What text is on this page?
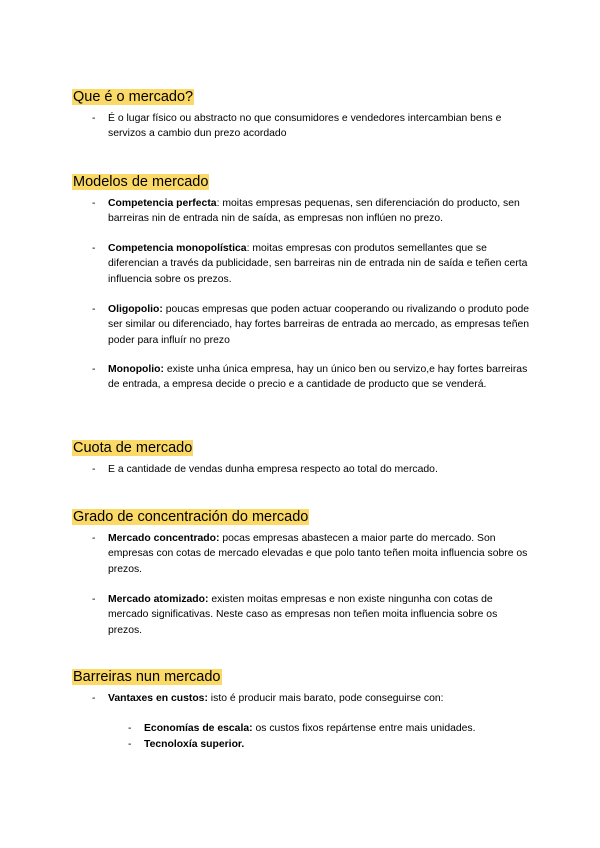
Que é o mercado?
- É o lugar físico ou abstracto no que consumidores e vendedores intercambian bens e servizos a cambio dun prezo acordado
Modelos de mercado
- Competencia perfecta: moitas empresas pequenas, sen diferenciación do producto, sen barreiras nin de entrada nin de saída, as empresas non inflúen no prezo.
- Competencia monopolística: moitas empresas con produtos semellantes que se diferencian a través da publicidade, sen barreiras nin de entrada nin de saída e teñen certa influencia sobre os prezos.
- Oligopolio: poucas empresas que poden actuar cooperando ou rivalizando o produto pode ser similar ou diferenciado, hay fortes barreiras de entrada ao mercado, as empresas teñen poder para influír no prezo
- Monopolio: existe unha única empresa, hay un único ben ou servizo,e hay fortes barreiras de entrada, a empresa decide o precio e a cantidade de producto que se venderá.
Cuota de mercado
- E a cantidade de vendas dunha empresa respecto ao total do mercado.
Grado de concentración do mercado
- Mercado concentrado: pocas empresas abastecen a maior parte do mercado. Son empresas con cotas de mercado elevadas e que polo tanto teñen moita influencia sobre os prezos.
- Mercado atomizado: existen moitas empresas e non existe ningunha con cotas de mercado significativas. Neste caso as empresas non teñen moita influencia sobre os prezos.
Barreiras nun mercado
- Vantaxes en custos: isto é producir mais barato, pode conseguirse con:
- Economías de escala: os custos fixos repártense entre mais unidades.
- Tecnoloxía superior.
